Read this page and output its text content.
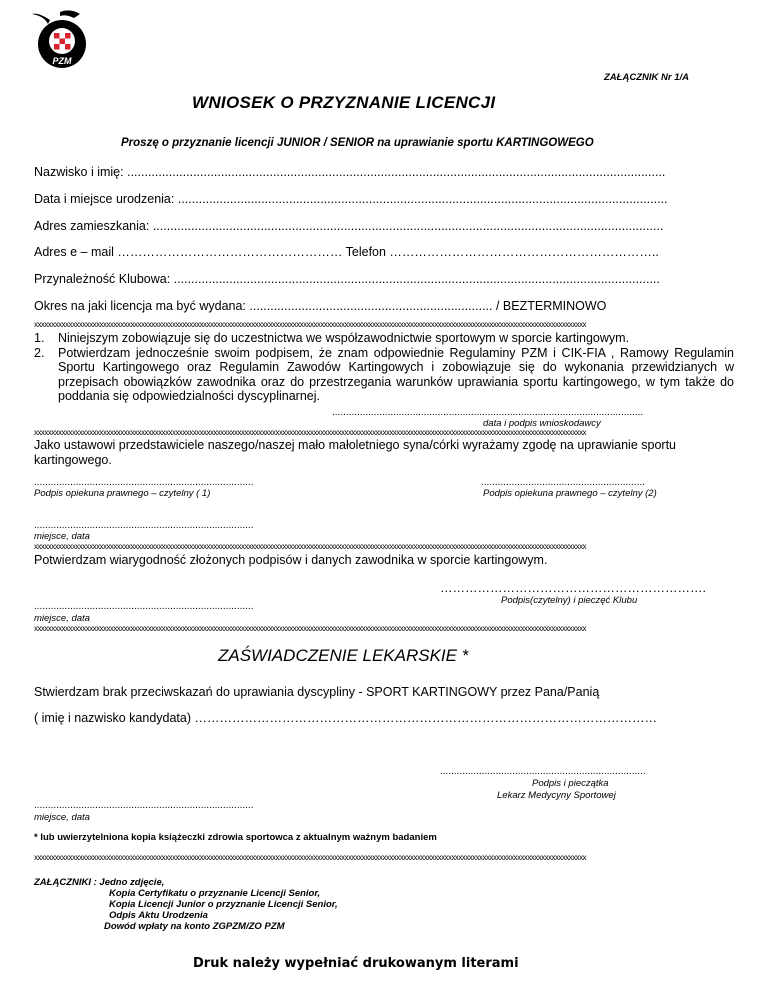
PZM
ZAŁĄCZNIK Nr 1/A
WNIOSEK O PRZYZNANIE LICENCJI
Proszę o przyznanie licencji JUNIOR / SENIOR na uprawianie sportu KARTINGOWEGO
Nazwisko i imię: ...........................................................................................................................................................
Data i miejsce urodzenia: .............................................................................................................................................
Adres zamieszkania: ...................................................................................................................................................
Adres e – mail ……………………………………………… Telefon ………………………………………………………..
Przynależność Klubowa: ............................................................................................................................................
Okres na jaki licencja ma być wydana: ...................................................................... / BEZTERMINOWO
xxxxxxxxxxxxxxxxxxxxxxxxxxxxxxxxxxxxxxxxxxxxxxxxxxxxxxxxxxxxxxxxxxxxxxxxxxxxxxxxxxxxxxxxxxxxxxxxxxxxxxxxxxxxxxxxxxxxxxxxxxxxxxxxxxxxxxxxxxxxxxxxxxxxxxxxxxxxxxxx
1. Niniejszym zobowiązuje się do uczestnictwa we współzawodnictwie sportowym w sporcie kartingowym.
2. Potwierdzam jednocześnie swoim podpisem, że znam odpowiednie Regulaminy PZM i CIK-FIA , Ramowy Regulamin Sportu Kartingowego oraz Regulamin Zawodów Kartingowych i zobowiązuje się do wykonania przewidzianych w przepisach obowiązków zawodnika oraz do przestrzegania warunków uprawiania sportu kartingowego, w tym także do poddania się odpowiedzialności dyscyplinarnej.
................................................................................................................
data i podpis wnioskodawcy
xxxxxxxxxxxxxxxxxxxxxxxxxxxxxxxxxxxxxxxxxxxxxxxxxxxxxxxxxxxxxxxxxxxxxxxxxxxxxxxxxxxxxxxxxxxxxxxxxxxxxxxxxxxxxxxxxxxxxxxxxxxxxxxxxxxxxxxxxxxxxxxxxxxxxxxxxxxxxxxx
Jako ustawowi przedstawiciele naszego/naszej mało małoletniego syna/córki wyrażamy zgodę na uprawianie sportu kartingowego.
...............................................................................
Podpis opiekuna prawnego – czytelny ( 1)
...........................................................
Podpis opiekuna prawnego – czytelny (2)
...............................................................................
miejsce, data
xxxxxxxxxxxxxxxxxxxxxxxxxxxxxxxxxxxxxxxxxxxxxxxxxxxxxxxxxxxxxxxxxxxxxxxxxxxxxxxxxxxxxxxxxxxxxxxxxxxxxxxxxxxxxxxxxxxxxxxxxxxxxxxxxxxxxxxxxxxxxxxxxxxxxxxxxxxxxxxx
Potwierdzam wiarygodność złożonych podpisów i danych zawodnika w sporcie kartingowym.
……………………………………………………….
Podpis(czytelny) i pieczęć Klubu
...............................................................................
miejsce, data
xxxxxxxxxxxxxxxxxxxxxxxxxxxxxxxxxxxxxxxxxxxxxxxxxxxxxxxxxxxxxxxxxxxxxxxxxxxxxxxxxxxxxxxxxxxxxxxxxxxxxxxxxxxxxxxxxxxxxxxxxxxxxxxxxxxxxxxxxxxxxxxxxxxxxxxxxxxxxxxx
ZAŚWIADCZENIE LEKARSKIE *
Stwierdzam brak przeciwskazań do uprawiania dyscypliny - SPORT KARTINGOWY przez Pana/Panią
( imię i nazwisko kandydata) …………………………………………………………………………………………………
..........................................................................
Podpis i pieczątka
Lekarz Medycyny Sportowej
...............................................................................
miejsce, data
* lub uwierzytelniona kopia książeczki zdrowia sportowca z aktualnym ważnym badaniem
xxxxxxxxxxxxxxxxxxxxxxxxxxxxxxxxxxxxxxxxxxxxxxxxxxxxxxxxxxxxxxxxxxxxxxxxxxxxxxxxxxxxxxxxxxxxxxxxxxxxxxxxxxxxxxxxxxxxxxxxxxxxxxxxxxxxxxxxxxxxxxxxxxxxxxxxxxxxxxxx
ZAŁĄCZNIKI : Jedno zdjęcie,
Kopia Certyfikatu o przyznanie Licencji Senior,
Kopia Licencji Junior o przyznanie Licencji Senior,
Odpis Aktu Urodzenia
Dowód wpłaty na konto ZGPZM/ZO PZM
Druk należy wypełniać drukowanym literami
